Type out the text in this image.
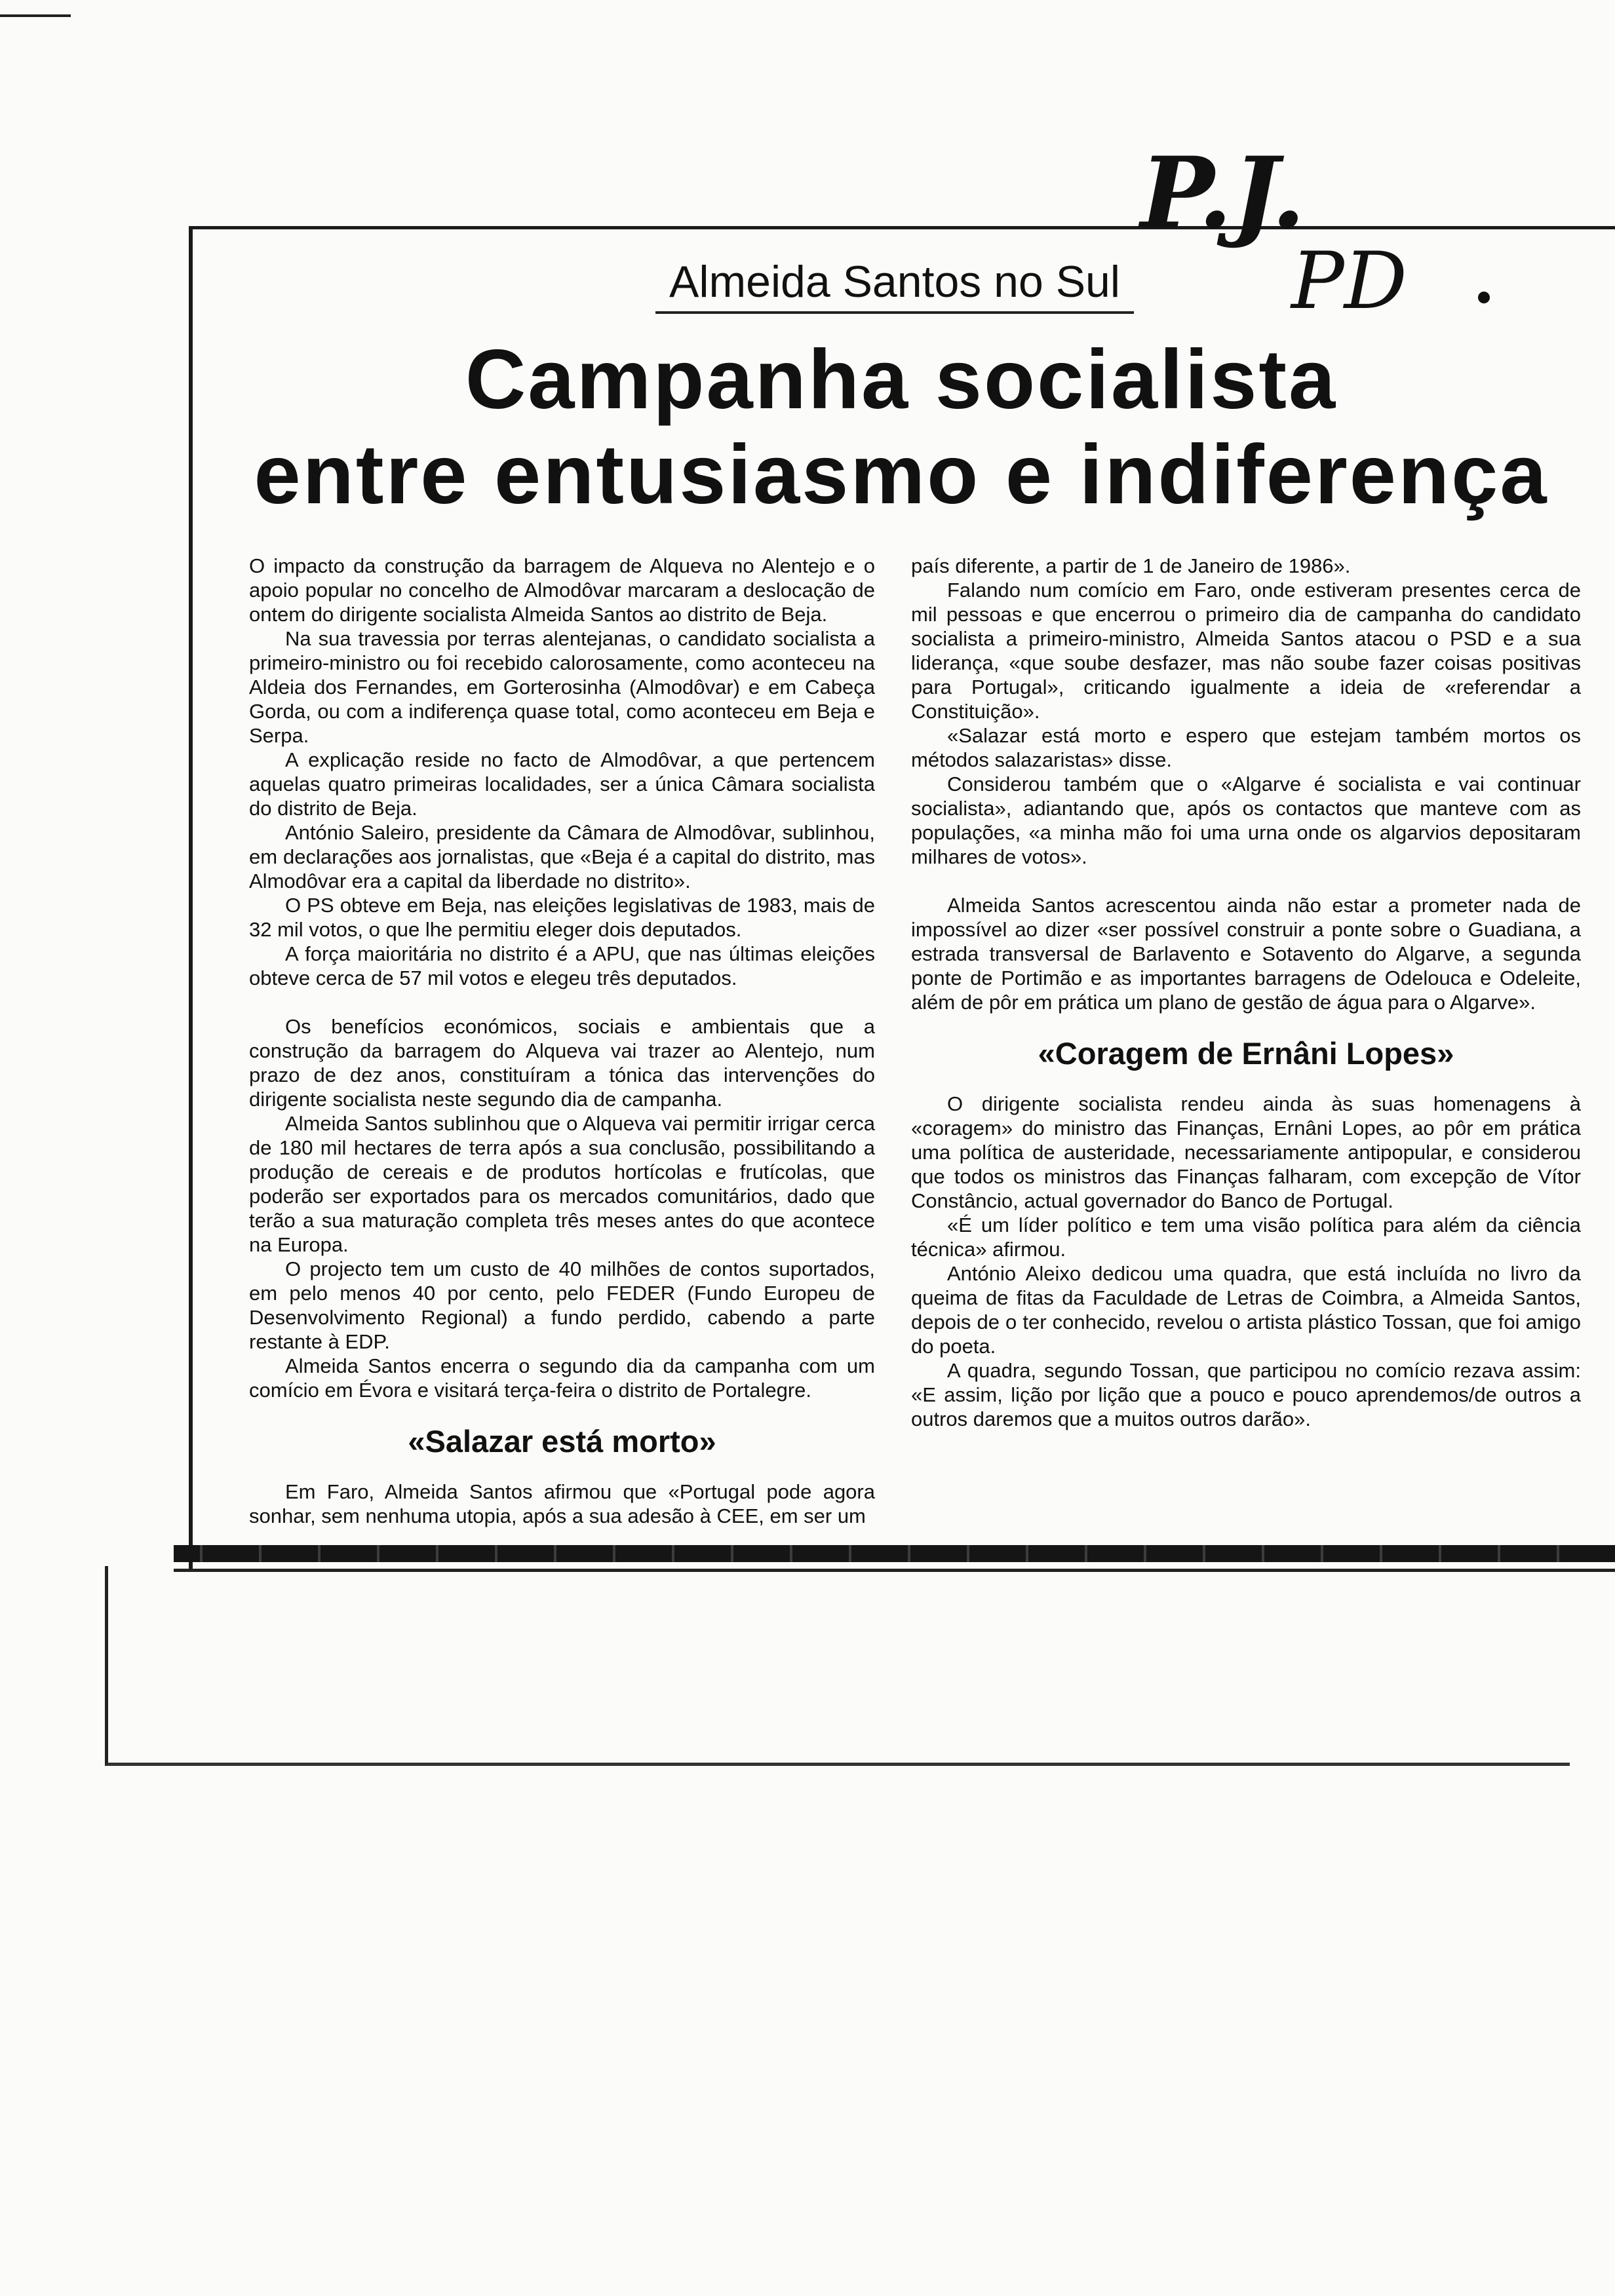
P.J.
PD
Almeida Santos no Sul
Campanha socialista
entre entusiasmo e indiferença

O impacto da construção da barragem de Alqueva no Alentejo e o apoio popular no concelho de Almodôvar marcaram a deslocação de ontem do dirigente socialista Almeida Santos ao distrito de Beja.

Na sua travessia por terras alentejanas, o candidato socialista a primeiro-ministro ou foi recebido calorosamente, como aconteceu na Aldeia dos Fernandes, em Gorterosinha (Almodôvar) e em Cabeça Gorda, ou com a indiferença quase total, como aconteceu em Beja e Serpa.

A explicação reside no facto de Almodôvar, a que pertencem aquelas quatro primeiras localidades, ser a única Câmara socialista do distrito de Beja.

António Saleiro, presidente da Câmara de Almodôvar, sublinhou, em declarações aos jornalistas, que «Beja é a capital do distrito, mas Almodôvar era a capital da liberdade no distrito».

O PS obteve em Beja, nas eleições legislativas de 1983, mais de 32 mil votos, o que lhe permitiu eleger dois deputados.

A força maioritária no distrito é a APU, que nas últimas eleições obteve cerca de 57 mil votos e elegeu três deputados.

Os benefícios económicos, sociais e ambientais que a construção da barragem do Alqueva vai trazer ao Alentejo, num prazo de dez anos, constituíram a tónica das intervenções do dirigente socialista neste segundo dia de campanha.

Almeida Santos sublinhou que o Alqueva vai permitir irrigar cerca de 180 mil hectares de terra após a sua conclusão, possibilitando a produção de cereais e de produtos hortícolas e frutícolas, que poderão ser exportados para os mercados comunitários, dado que terão a sua maturação completa três meses antes do que acontece na Europa.

O projecto tem um custo de 40 milhões de contos suportados, em pelo menos 40 por cento, pelo FEDER (Fundo Europeu de Desenvolvimento Regional) a fundo perdido, cabendo a parte restante à EDP.

Almeida Santos encerra o segundo dia da campanha com um comício em Évora e visitará terça-feira o distrito de Portalegre.

«Salazar está morto»

Em Faro, Almeida Santos afirmou que «Portugal pode agora sonhar, sem nenhuma utopia, após a sua adesão à CEE, em ser um

país diferente, a partir de 1 de Janeiro de 1986».

Falando num comício em Faro, onde estiveram presentes cerca de mil pessoas e que encerrou o primeiro dia de campanha do candidato socialista a primeiro-ministro, Almeida Santos atacou o PSD e a sua liderança, «que soube desfazer, mas não soube fazer coisas positivas para Portugal», criticando igualmente a ideia de «referendar a Constituição».

«Salazar está morto e espero que estejam também mortos os métodos salazaristas» disse.

Considerou também que o «Algarve é socialista e vai continuar socialista», adiantando que, após os contactos que manteve com as populações, «a minha mão foi uma urna onde os algarvios depositaram milhares de votos».

Almeida Santos acrescentou ainda não estar a prometer nada de impossível ao dizer «ser possível construir a ponte sobre o Guadiana, a estrada transversal de Barlavento e Sotavento do Algarve, a segunda ponte de Portimão e as importantes barragens de Odelouca e Odeleite, além de pôr em prática um plano de gestão de água para o Algarve».

«Coragem de Ernâni Lopes»

O dirigente socialista rendeu ainda às suas homenagens à «coragem» do ministro das Finanças, Ernâni Lopes, ao pôr em prática uma política de austeridade, necessariamente antipopular, e considerou que todos os ministros das Finanças falharam, com excepção de Vítor Constâncio, actual governador do Banco de Portugal.

«É um líder político e tem uma visão política para além da ciência técnica» afirmou.

António Aleixo dedicou uma quadra, que está incluída no livro da queima de fitas da Faculdade de Letras de Coimbra, a Almeida Santos, depois de o ter conhecido, revelou o artista plástico Tossan, que foi amigo do poeta.

A quadra, segundo Tossan, que participou no comício rezava assim: «E assim, lição por lição que a pouco e pouco aprendemos/de outros a outros daremos que a muitos outros darão».
